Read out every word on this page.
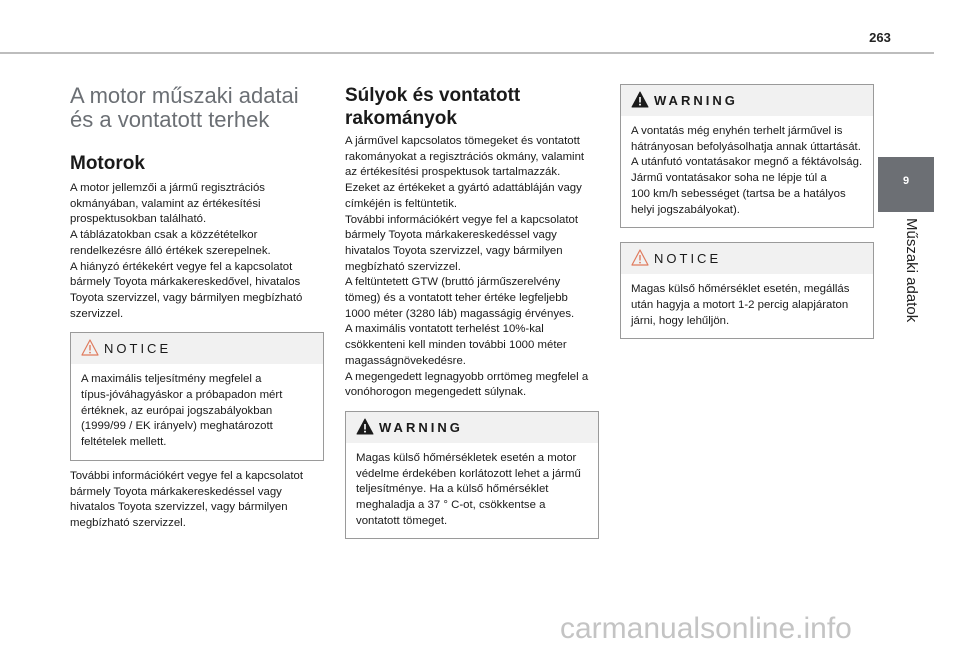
263
9
Műszaki adatok
A motor műszaki adatai
és a vontatott terhek
Motorok
A motor jellemzői a jármű regisztrációs
okmányában, valamint az értékesítési
prospektusokban található.
A táblázatokban csak a közzétételkor
rendelkezésre álló értékek szerepelnek.
A hiányzó értékekért vegye fel a kapcsolatot
bármely Toyota márkakereskedővel, hivatalos
Toyota szervizzel, vagy bármilyen megbízható
szervizzel.
NOTICE
A maximális teljesítmény megfelel a
típus-jóváhagyáskor a próbapadon mért
értéknek, az európai jogszabályokban
(1999/99 / EK irányelv) meghatározott
feltételek mellett.
További információkért vegye fel a kapcsolatot
bármely Toyota márkakereskedéssel vagy
hivatalos Toyota szervizzel, vagy bármilyen
megbízható szervizzel.
Súlyok és vontatott
rakományok
A járművel kapcsolatos tömegeket és vontatott
rakományokat a regisztrációs okmány, valamint
az értékesítési prospektusok tartalmazzák.
Ezeket az értékeket a gyártó adattábláján vagy
címkéjén is feltüntetik.
További információkért vegye fel a kapcsolatot
bármely Toyota márkakereskedéssel vagy
hivatalos Toyota szervizzel, vagy bármilyen
megbízható szervizzel.
A feltüntetett GTW (bruttó járműszerelvény
tömeg) és a vontatott teher értéke legfeljebb
1000 méter (3280 láb) magasságig érvényes.
A maximális vontatott terhelést 10%-kal
csökkenteni kell minden további 1000 méter
magasságnövekedésre.
A megengedett legnagyobb orrtömeg megfelel a
vonóhorogon megengedett súlynak.
WARNING
Magas külső hőmérsékletek esetén a motor
védelme érdekében korlátozott lehet a jármű
teljesítménye. Ha a külső hőmérséklet
meghaladja a 37 ° C-ot, csökkentse a
vontatott tömeget.
WARNING
A vontatás még enyhén terhelt járművel is
hátrányosan befolyásolhatja annak úttartását.
A utánfutó vontatásakor megnő a féktávolság.
Jármű vontatásakor soha ne lépje túl a
100 km/h sebességet (tartsa be a hatályos
helyi jogszabályokat).
NOTICE
Magas külső hőmérséklet esetén, megállás
után hagyja a motort 1-2 percig alapjáraton
járni, hogy lehűljön.
carmanualsonline.info
